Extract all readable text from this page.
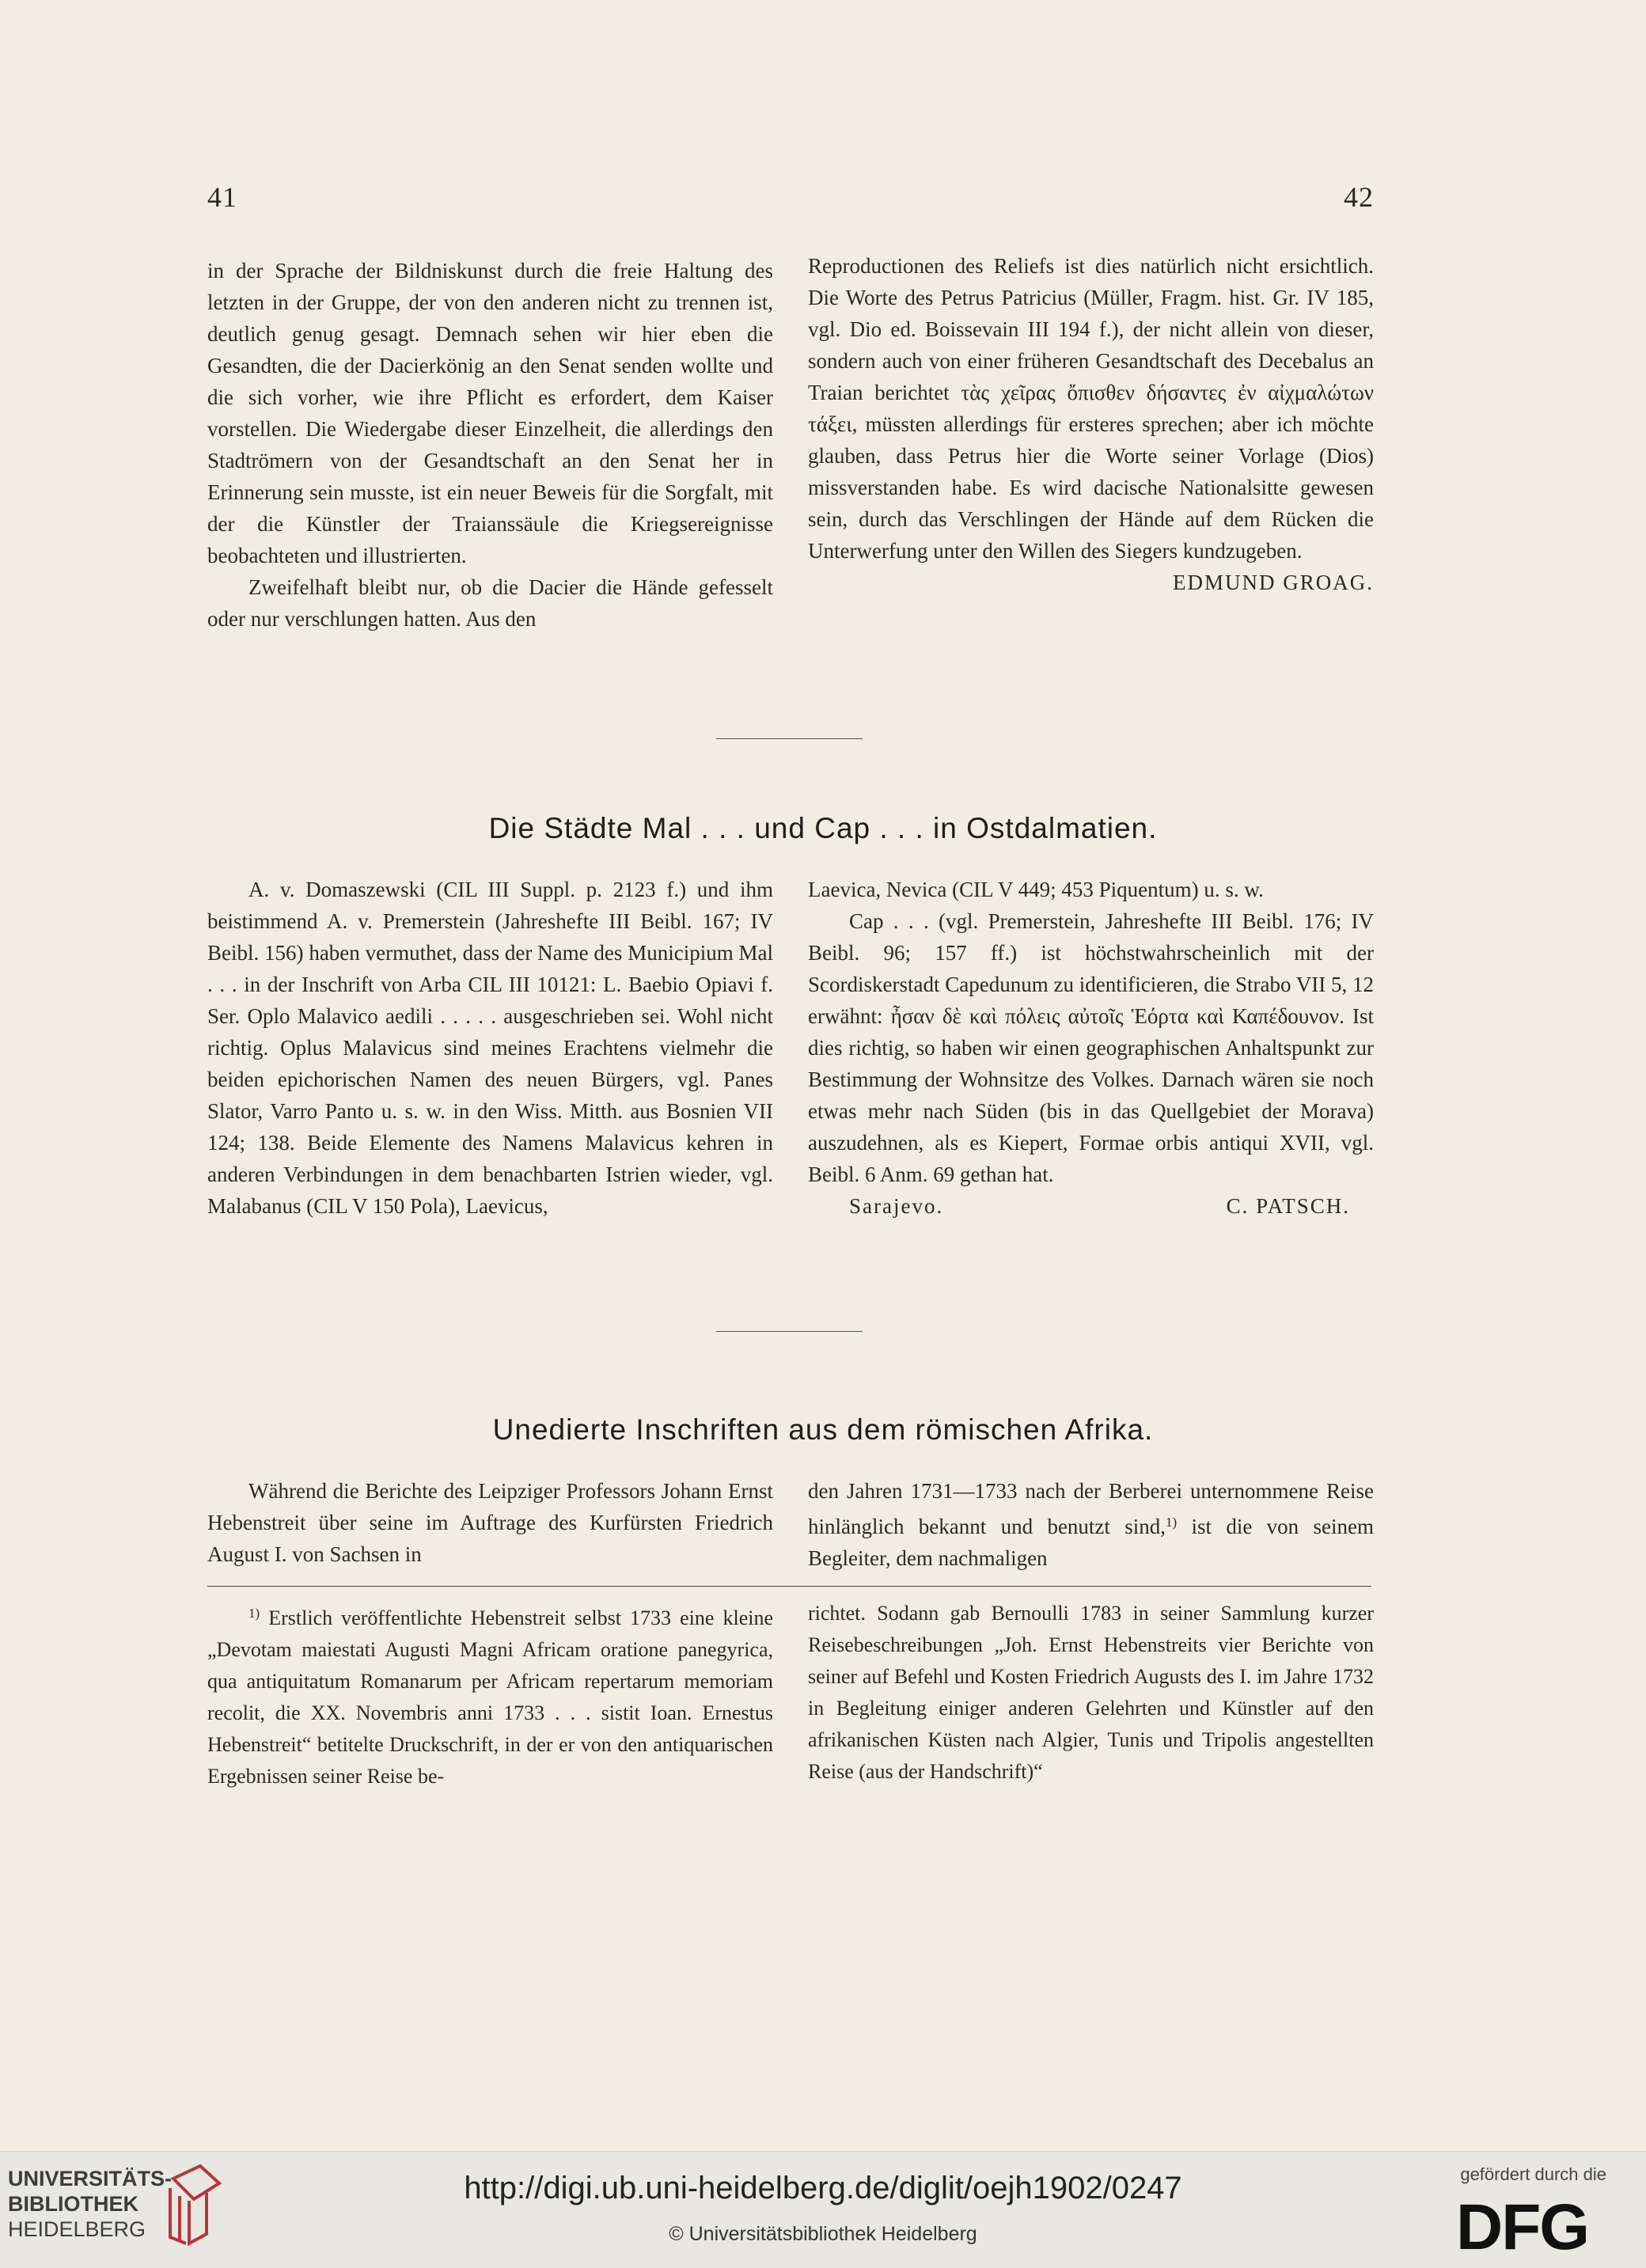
41	42

in der Sprache der Bildniskunst durch die freie Haltung des letzten in der Gruppe, der von den anderen nicht zu trennen ist, deutlich genug gesagt. Demnach sehen wir hier eben die Gesandten, die der Dacierkönig an den Senat senden wollte und die sich vorher, wie ihre Pflicht es erfordert, dem Kaiser vorstellen. Die Wiedergabe dieser Einzelheit, die allerdings den Stadtrömern von der Gesandtschaft an den Senat her in Erinnerung sein musste, ist ein neuer Beweis für die Sorgfalt, mit der die Künstler der Traianssäule die Kriegsereignisse beobachteten und illustrierten.

Zweifelhaft bleibt nur, ob die Dacier die Hände gefesselt oder nur verschlungen hatten. Aus den

Reproductionen des Reliefs ist dies natürlich nicht ersichtlich. Die Worte des Petrus Patricius (Müller, Fragm. hist. Gr. IV 185, vgl. Dio ed. Boissevain III 194 f.), der nicht allein von dieser, sondern auch von einer früheren Gesandtschaft des Decebalus an Traian berichtet τὰς χεῖρας ὄπισθεν δήσαντες ἐν αἰχμαλώτων τάξει, müssten allerdings für ersteres sprechen; aber ich möchte glauben, dass Petrus hier die Worte seiner Vorlage (Dios) missverstanden habe. Es wird dacische Nationalsitte gewesen sein, durch das Verschlingen der Hände auf dem Rücken die Unterwerfung unter den Willen des Siegers kundzugeben.

EDMUND GROAG.

Die Städte Mal . . . und Cap . . . in Ostdalmatien.

A. v. Domaszewski (CIL III Suppl. p. 2123 f.) und ihm beistimmend A. v. Premerstein (Jahreshefte III Beibl. 167; IV Beibl. 156) haben vermuthet, dass der Name des Municipium Mal . . . in der Inschrift von Arba CIL III 10121: L. Baebio Opiavi f. Ser. Oplo Malavico aedili . . . . . ausgeschrieben sei. Wohl nicht richtig. Oplus Malavicus sind meines Erachtens vielmehr die beiden epichorischen Namen des neuen Bürgers, vgl. Panes Slator, Varro Panto u. s. w. in den Wiss. Mitth. aus Bosnien VII 124; 138. Beide Elemente des Namens Malavicus kehren in anderen Verbindungen in dem benachbarten Istrien wieder, vgl. Malabanus (CIL V 150 Pola), Laevicus,

Laevica, Nevica (CIL V 449; 453 Piquentum) u. s. w.

Cap . . . (vgl. Premerstein, Jahreshefte III Beibl. 176; IV Beibl. 96; 157 ff.) ist höchstwahrscheinlich mit der Scordiskerstadt Capedunum zu identificieren, die Strabo VII 5, 12 erwähnt: ἦσαν δὲ καὶ πόλεις αὐτοῖς Ἑόρτα καὶ Καπέδουνον. Ist dies richtig, so haben wir einen geographischen Anhaltspunkt zur Bestimmung der Wohnsitze des Volkes. Darnach wären sie noch etwas mehr nach Süden (bis in das Quellgebiet der Morava) auszudehnen, als es Kiepert, Formae orbis antiqui XVII, vgl. Beibl. 6 Anm. 69 gethan hat.

Sarajevo.	C. PATSCH.
Unedierte Inschriften aus dem römischen Afrika.

Während die Berichte des Leipziger Professors Johann Ernst Hebenstreit über seine im Auftrage des Kurfürsten Friedrich August I. von Sachsen in

den Jahren 1731—1733 nach der Berberei unternommene Reise hinlänglich bekannt und benutzt sind,$^{1)}$ ist die von seinem Begleiter, dem nachmaligen

$^{1)}$ Erstlich veröffentlichte Hebenstreit selbst 1733 eine kleine „Devotam maiestati Augusti Magni Africam oratione panegyrica, qua antiquitatum Romanarum per Africam repertarum memoriam recolit, die XX. Novembris anni 1733 . . . sistit Ioan. Ernestus Hebenstreit“ betitelte Druckschrift, in der er von den antiquarischen Ergebnissen seiner Reise be-

richtet. Sodann gab Bernoulli 1783 in seiner Sammlung kurzer Reisebeschreibungen „Joh. Ernst Hebenstreits vier Berichte von seiner auf Befehl und Kosten Friedrich Augusts des I. im Jahre 1732 in Begleitung einiger anderen Gelehrten und Künstler auf den afrikanischen Küsten nach Algier, Tunis und Tripolis angestellten Reise (aus der Handschrift)“

UNIVERSITÄTS-
BIBLIOTHEK
HEIDELBERG
http://digi.ub.uni-heidelberg.de/diglit/oejh1902/0247
© Universitätsbibliothek Heidelberg
gefördert durch die
DFG
